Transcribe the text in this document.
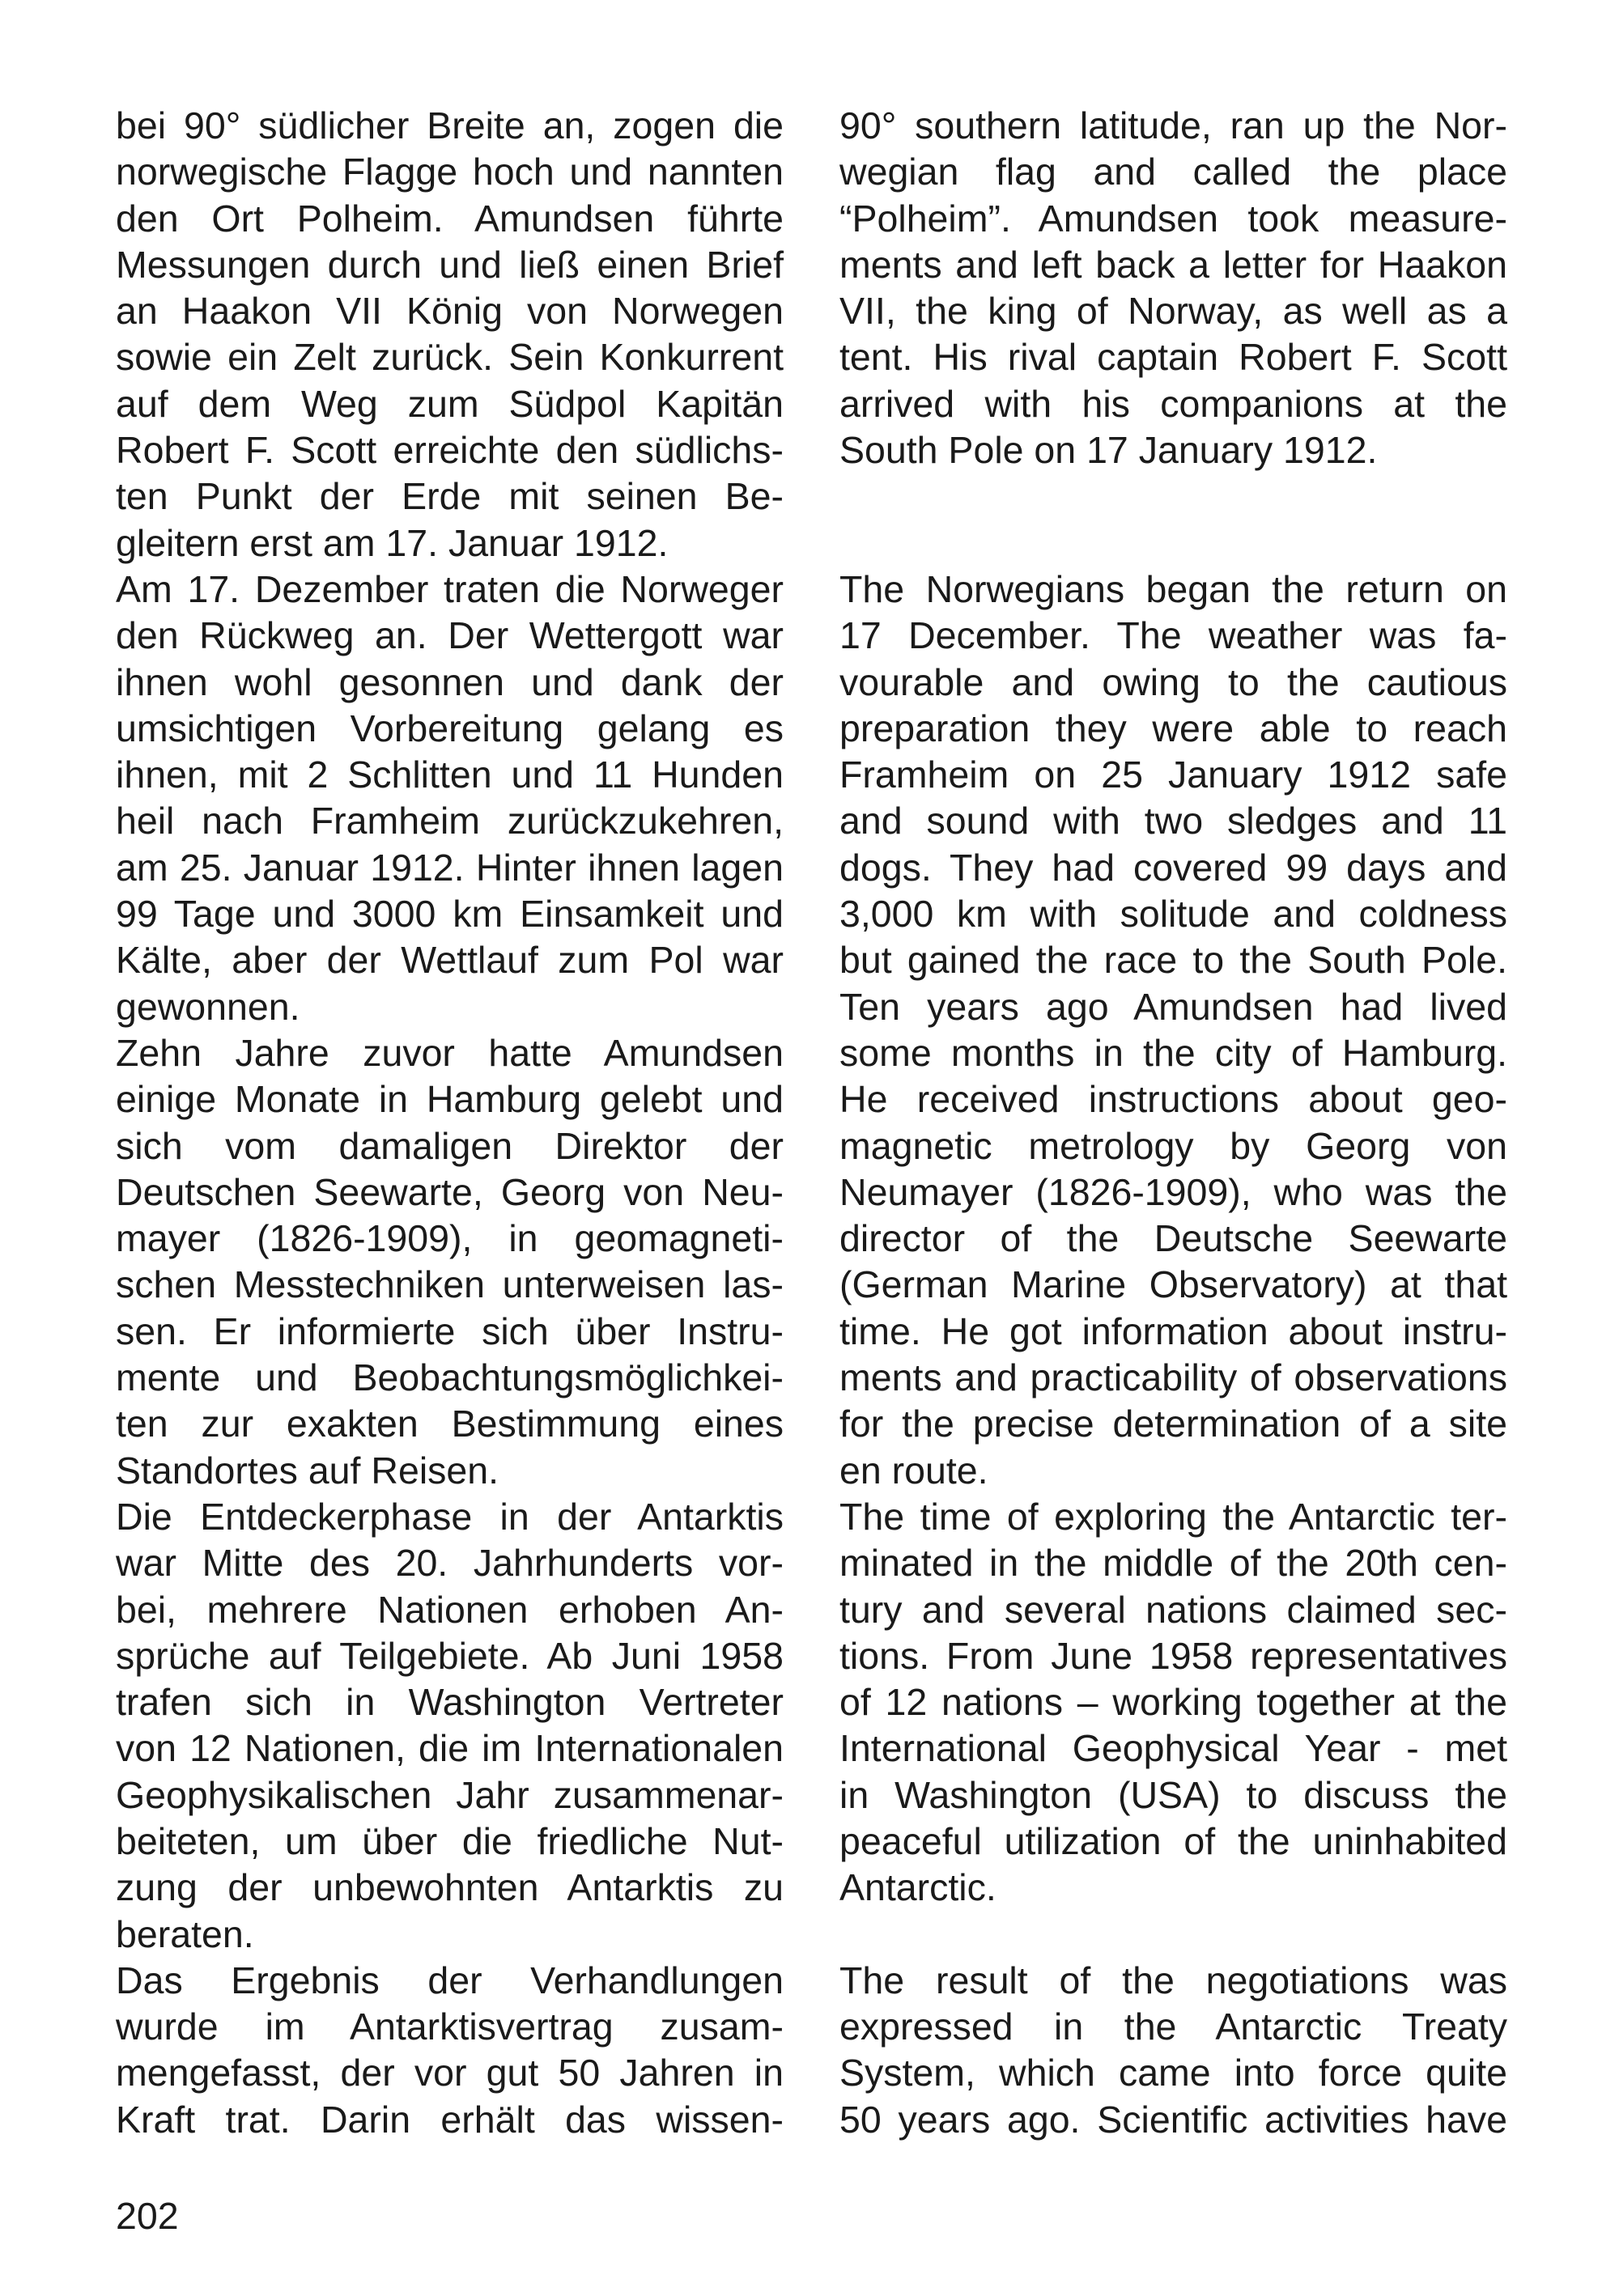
bei 90° südlicher Breite an, zogen die
norwegische Flagge hoch und nannten
den Ort Polheim. Amundsen führte
Messungen durch und ließ einen Brief
an Haakon VII König von Norwegen
sowie ein Zelt zurück. Sein Konkurrent
auf dem Weg zum Südpol Kapitän
Robert F. Scott erreichte den südlichs-
ten Punkt der Erde mit seinen Be-
gleitern erst am 17. Januar 1912.
Am 17. Dezember traten die Norweger
den Rückweg an. Der Wettergott war
ihnen wohl gesonnen und dank der
umsichtigen Vorbereitung gelang es
ihnen, mit 2 Schlitten und 11 Hunden
heil nach Framheim zurückzukehren,
am 25. Januar 1912. Hinter ihnen lagen
99 Tage und 3000 km Einsamkeit und
Kälte, aber der Wettlauf zum Pol war
gewonnen.
Zehn Jahre zuvor hatte Amundsen
einige Monate in Hamburg gelebt und
sich vom damaligen Direktor der
Deutschen Seewarte, Georg von Neu-
mayer (1826-1909), in geomagneti-
schen Messtechniken unterweisen las-
sen. Er informierte sich über Instru-
mente und Beobachtungsmöglichkei-
ten zur exakten Bestimmung eines
Standortes auf Reisen.
Die Entdeckerphase in der Antarktis
war Mitte des 20. Jahrhunderts vor-
bei, mehrere Nationen erhoben An-
sprüche auf Teilgebiete. Ab Juni 1958
trafen sich in Washington Vertreter
von 12 Nationen, die im Internationalen
Geophysikalischen Jahr zusammenar-
beiteten, um über die friedliche Nut-
zung der unbewohnten Antarktis zu
beraten.
Das Ergebnis der Verhandlungen
wurde im Antarktisvertrag zusam-
mengefasst, der vor gut 50 Jahren in
Kraft trat. Darin erhält das wissen-
90° southern latitude, ran up the Nor-
wegian flag and called the place
“Polheim”. Amundsen took measure-
ments and left back a letter for Haakon
VII, the king of Norway, as well as a
tent. His rival captain Robert F. Scott
arrived with his companions at the
South Pole on 17 January 1912.
The Norwegians began the return on
17 December. The weather was fa-
vourable and owing to the cautious
preparation they were able to reach
Framheim on 25 January 1912 safe
and sound with two sledges and 11
dogs. They had covered 99 days and
3,000 km with solitude and coldness
but gained the race to the South Pole.
Ten years ago Amundsen had lived
some months in the city of Hamburg.
He received instructions about geo-
magnetic metrology by Georg von
Neumayer (1826-1909), who was the
director of the Deutsche Seewarte
(German Marine Observatory) at that
time. He got information about instru-
ments and practicability of observations
for the precise determination of a site
en route.
The time of exploring the Antarctic ter-
minated in the middle of the 20th cen-
tury and several nations claimed sec-
tions. From June 1958 representatives
of 12 nations – working together at the
International Geophysical Year - met
in Washington (USA) to discuss the
peaceful utilization of the uninhabited
Antarctic.
The result of the negotiations was
expressed in the Antarctic Treaty
System, which came into force quite
50 years ago. Scientific activities have
202
